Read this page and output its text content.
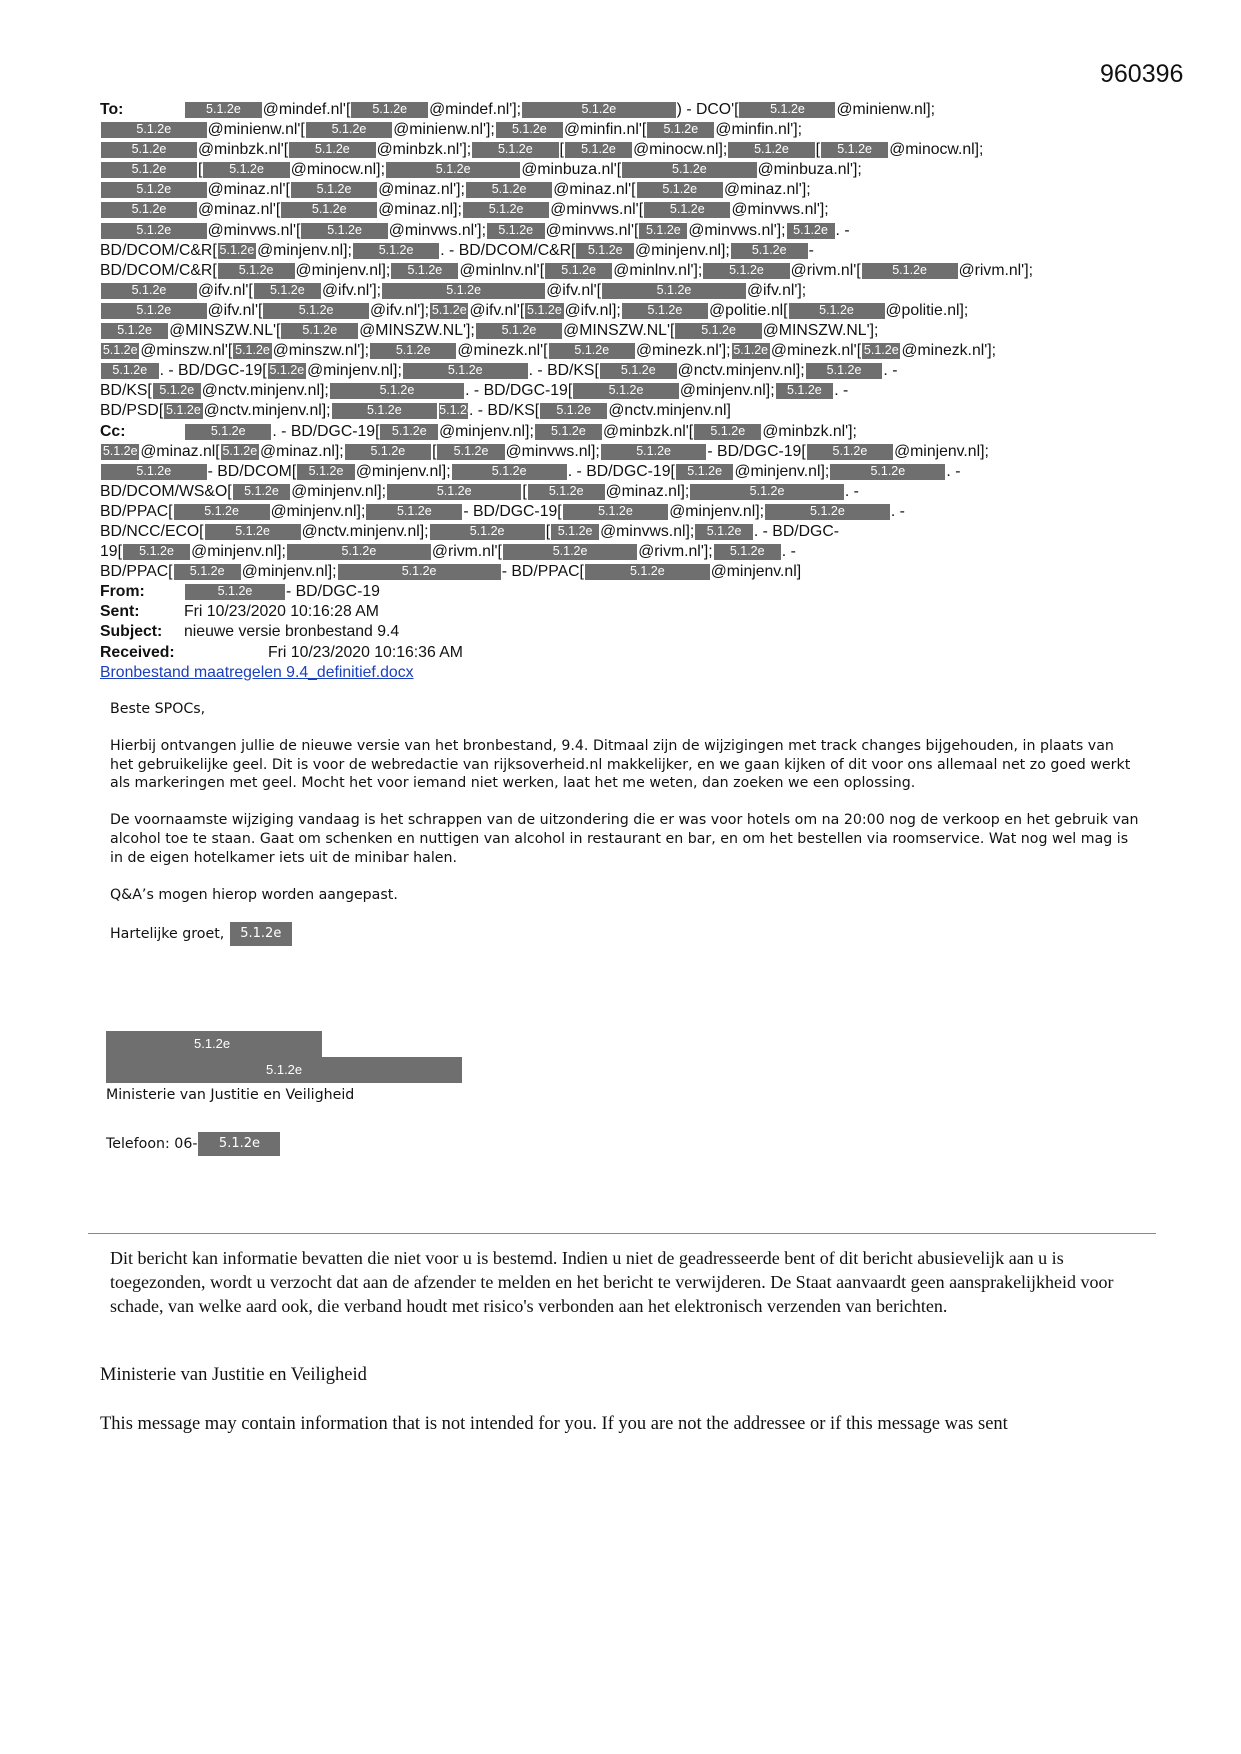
960396
To:	5.1.2e @mindef.nl'[ 5.1.2e @mindef.nl'];	5.1.2e	) - DCO'[	5.1.2e @minienw.nl];
5.1.2e @minienw.nl'[ 5.1.2e @minienw.nl']; 5.1.2e @minfin.nl'[ 5.1.2e @minfin.nl'];
5.1.2e @minbzk.nl'[ 5.1.2e @minbzk.nl']; 5.1.2e [ 5.1.2e @minocw.nl]; 5.1.2e [ 5.1.2e @minocw.nl];
5.1.2e [ 5.1.2e @minocw.nl];	5.1.2e	@minbuza.nl'[	5.1.2e	@minbuza.nl'];
5.1.2e @minaz.nl'[ 5.1.2e @minaz.nl']; 5.1.2e @minaz.nl'[ 5.1.2e @minaz.nl'];
5.1.2e @minaz.nl'[	5.1.2e @minaz.nl]; 5.1.2e @minvws.nl'[ 5.1.2e @minvws.nl'];
5.1.2e @minvws.nl'[ 5.1.2e @minvws.nl']; 5.1.2e @minvws.nl'[ 5.1.2e @minvws.nl']; 5.1.2e . -
BD/DCOM/C&R[ 5.1.2e @minjenv.nl]; 5.1.2e . - BD/DCOM/C&R[ 5.1.2e @minjenv.nl]; 5.1.2e -
BD/DCOM/C&R[ 5.1.2e @minjenv.nl]; 5.1.2e @minlnv.nl'[ 5.1.2e @minlnv.nl']; 5.1.2e @rivm.nl'[	5.1.2e @rivm.nl'];
5.1.2e @ifv.nl'[ 5.1.2e @ifv.nl'];	5.1.2e	@ifv.nl'[	5.1.2e	@ifv.nl'];
5.1.2e @ifv.nl'[	5.1.2e @ifv.nl']; 5.1.2e @ifv.nl'[ 5.1.2e @ifv.nl]; 5.1.2e @politie.nl[	5.1.2e @politie.nl];
5.1.2e @MINSZW.NL'[ 5.1.2e @MINSZW.NL']; 5.1.2e @MINSZW.NL'[ 5.1.2e @MINSZW.NL'];
5.1.2e @minszw.nl'[ 5.1.2e @minszw.nl']; 5.1.2e @minezk.nl'[ 5.1.2e @minezk.nl']; 5.1.2e @minezk.nl'[ 5.1.2e @minezk.nl'];
5.1.2e . - BD/DGC-19[ 5.1.2e @minjenv.nl];	5.1.2e	. - BD/KS[ 5.1.2e @nctv.minjenv.nl]; 5.1.2e . -
BD/KS[ 5.1.2e @nctv.minjenv.nl];	5.1.2e	. - BD/DGC-19[	5.1.2e @minjenv.nl]; 5.1.2e . -
BD/PSD[ 5.1.2e @nctv.minjenv.nl];	5.1.2e	5.1.2e. - BD/KS[ 5.1.2e @nctv.minjenv.nl]
Cc:	5.1.2e . - BD/DGC-19[ 5.1.2e @minjenv.nl]; 5.1.2e @minbzk.nl'[ 5.1.2e @minbzk.nl'];
5.1.2e @minaz.nl[ 5.1.2e @minaz.nl]; 5.1.2e [ 5.1.2e @minvws.nl];	5.1.2e - BD/DGC-19[ 5.1.2e @minjenv.nl];
5.1.2e - BD/DCOM[ 5.1.2e @minjenv.nl];	5.1.2e	. - BD/DGC-19[ 5.1.2e @minjenv.nl];	5.1.2e	. -
BD/DCOM/WS&O[ 5.1.2e @minjenv.nl];	5.1.2e	[ 5.1.2e @minaz.nl];	5.1.2e	. -
BD/PPAC[	5.1.2e @minjenv.nl];	5.1.2e - BD/DGC-19[	5.1.2e @minjenv.nl];	5.1.2e	. -
BD/NCC/ECO[	5.1.2e @nctv.minjenv.nl];	5.1.2e	[ 5.1.2e @minvws.nl]; 5.1.2e . - BD/DGC-
19[ 5.1.2e @minjenv.nl];	5.1.2e	@rivm.nl'[	5.1.2e	@rivm.nl']; 5.1.2e . -
BD/PPAC[ 5.1.2e @minjenv.nl];	5.1.2e	- BD/PPAC[	5.1.2e	@minjenv.nl]
From:	5.1.2e - BD/DGC-19
Sent:	Fri 10/23/2020 10:16:28 AM
Subject: nieuwe versie bronbestand 9.4
Received:	Fri 10/23/2020 10:16:36 AM
Bronbestand maatregelen 9.4_definitief.docx

Beste SPOCs,

Hierbij ontvangen jullie de nieuwe versie van het bronbestand, 9.4. Ditmaal zijn de wijzigingen met track changes bijgehouden, in plaats van het gebruikelijke geel. Dit is voor de webredactie van rijksoverheid.nl makkelijker, en we gaan kijken of dit voor ons allemaal net zo goed werkt als markeringen met geel. Mocht het voor iemand niet werken, laat het me weten, dan zoeken we een oplossing.

De voornaamste wijziging vandaag is het schrappen van de uitzondering die er was voor hotels om na 20:00 nog de verkoop en het gebruik van alcohol toe te staan. Gaat om schenken en nuttigen van alcohol in restaurant en bar, en om het bestellen via roomservice. Wat nog wel mag is in de eigen hotelkamer iets uit de minibar halen.

Q&A’s mogen hierop worden aangepast.

Hartelijke groet, 5.1.2e

5.1.2e
5.1.2e
Ministerie van Justitie en Veiligheid
Telefoon: 06- 5.1.2e
Dit bericht kan informatie bevatten die niet voor u is bestemd. Indien u niet de geadresseerde bent of dit bericht abusievelijk aan u is toegezonden, wordt u verzocht dat aan de afzender te melden en het bericht te verwijderen. De Staat aanvaardt geen aansprakelijkheid voor schade, van welke aard ook, die verband houdt met risico's verbonden aan het elektronisch verzenden van berichten.
Ministerie van Justitie en Veiligheid
This message may contain information that is not intended for you. If you are not the addressee or if this message was sent
